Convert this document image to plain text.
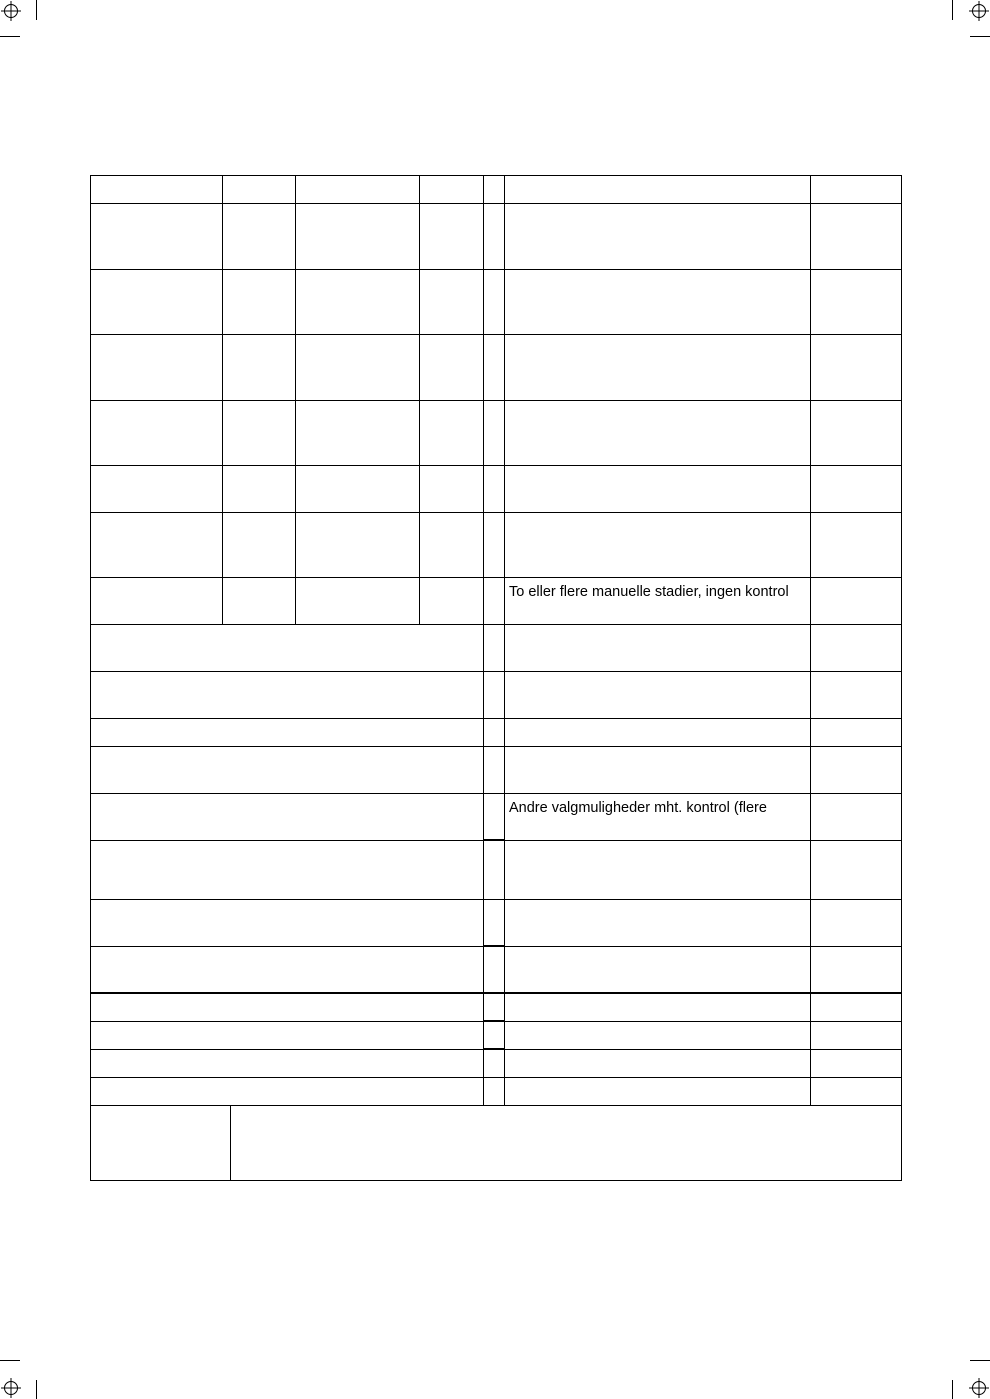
To eller flere manuelle stadier, ingen kontrol
Andre valgmuligheder mht. kontrol (flere
